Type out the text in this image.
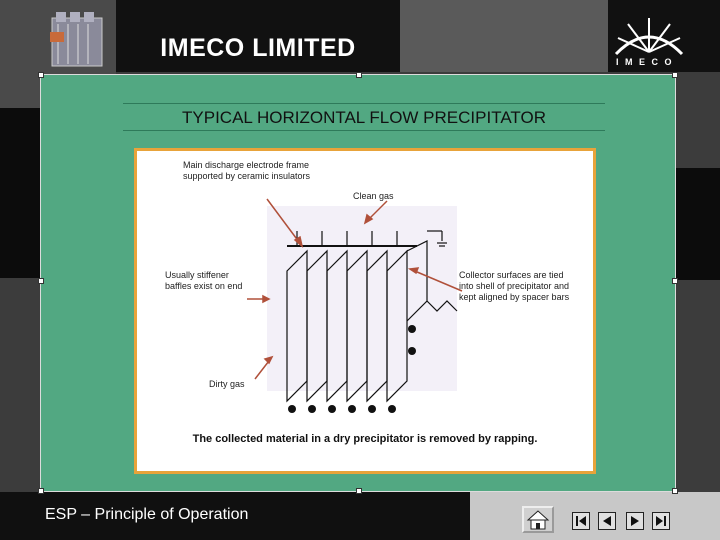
I M E C O
IMECO LIMITED
TYPICAL HORIZONTAL FLOW PRECIPITATOR
Main discharge electrode frame supported by ceramic insulators
Clean gas
Usually stiffener baffles exist on end
Collector surfaces are tied into shell of precipitator and kept aligned by spacer bars
Dirty gas
The collected material in a dry precipitator is removed by rapping.
ESP – Principle of Operation
